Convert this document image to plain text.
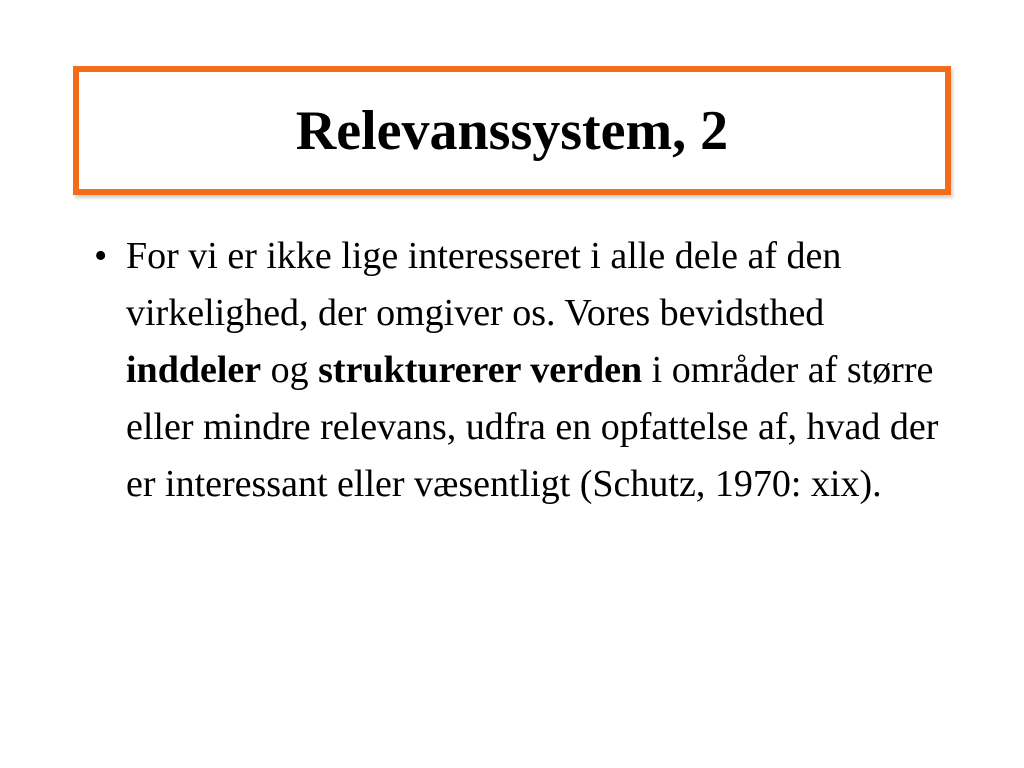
Relevanssystem, 2
• For vi er ikke lige interesseret i alle dele af den virkelighed, der omgiver os. Vores bevidsthed inddeler og strukturerer verden i områder af større eller mindre relevans, udfra en opfattelse af, hvad der er interessant eller væsentligt (Schutz, 1970: xix).
